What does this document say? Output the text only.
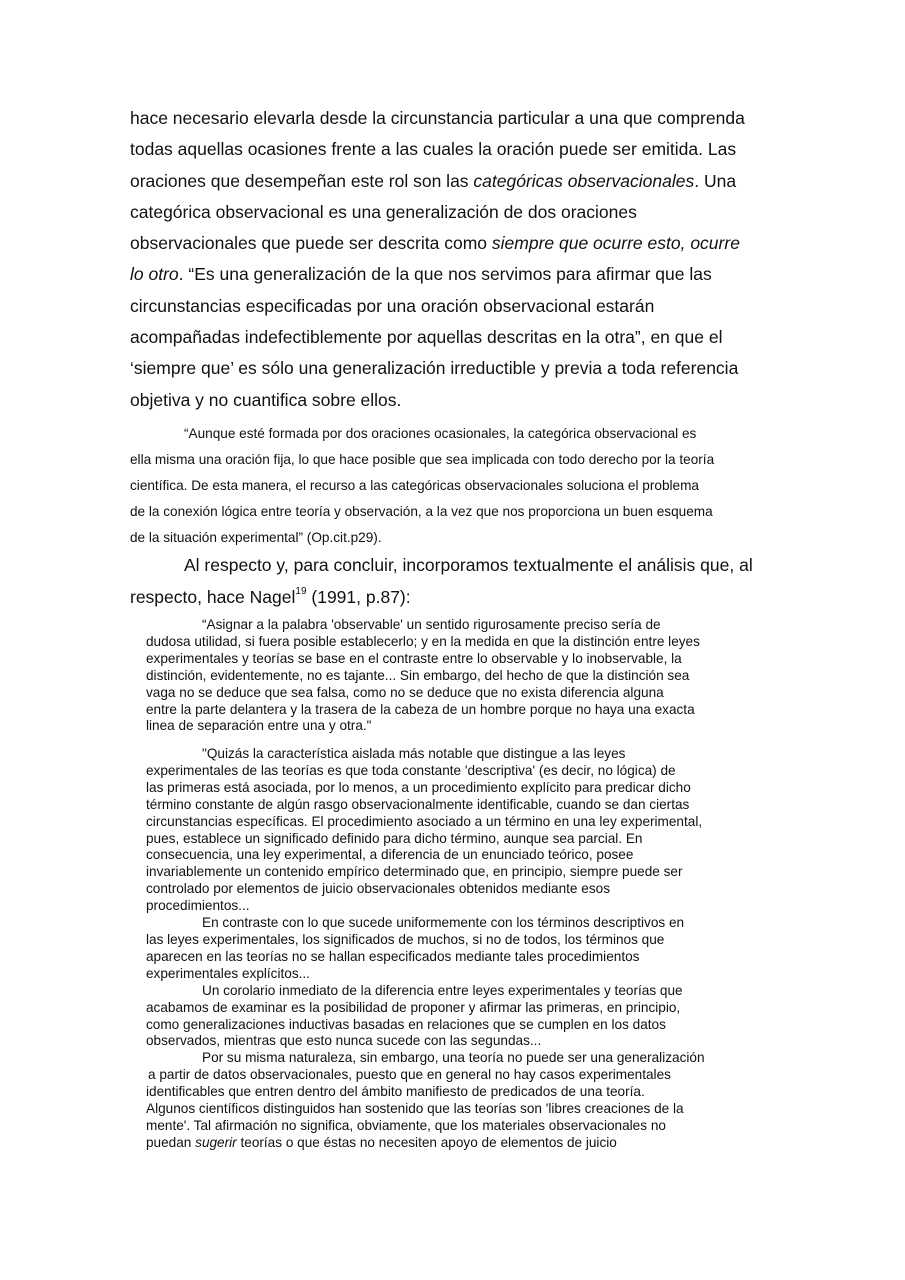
hace necesario elevarla desde la circunstancia particular a una que comprenda
todas aquellas ocasiones frente a las cuales la oración puede ser emitida. Las
oraciones que desempeñan este rol son las categóricas observacionales. Una
categórica observacional es una generalización de dos oraciones
observacionales que puede ser descrita como siempre que ocurre esto, ocurre
lo otro. “Es una generalización de la que nos servimos para afirmar que las
circunstancias especificadas por una oración observacional estarán
acompañadas indefectiblemente por aquellas descritas en la otra”, en que el
‘siempre que’ es sólo una generalización irreductible y previa a toda referencia
objetiva y no cuantifica sobre ellos.
“Aunque esté formada por dos oraciones ocasionales, la categórica observacional es
ella misma una oración fija, lo que hace posible que sea implicada con todo derecho por la teoría
científica. De esta manera, el recurso a las categóricas observacionales soluciona el problema
de la conexión lógica entre teoría y observación, a la vez que nos proporciona un buen esquema
de la situación experimental” (Op.cit.p29).
Al respecto y, para concluir, incorporamos textualmente el análisis que, al
respecto, hace Nagel$^{19}$ (1991, p.87):
“Asignar a la palabra 'observable' un sentido rigurosamente preciso sería de
dudosa utilidad, si fuera posible establecerlo; y en la medida en que la distinción entre leyes
experimentales y teorías se base en el contraste entre lo observable y lo inobservable, la
distinción, evidentemente, no es tajante... Sin embargo, del hecho de que la distinción sea
vaga no se deduce que sea falsa, como no se deduce que no exista diferencia alguna
entre la parte delantera y la trasera de la cabeza de un hombre porque no haya una exacta
linea de separación entre una y otra."
"Quizás la característica aislada más notable que distingue a las leyes
experimentales de las teorías es que toda constante 'descriptiva' (es decir, no lógica) de
las primeras está asociada, por lo menos, a un procedimiento explícito para predicar dicho
término constante de algún rasgo observacionalmente identificable, cuando se dan ciertas
circunstancias específicas. El procedimiento asociado a un término en una ley experimental,
pues, establece un significado definido para dicho término, aunque sea parcial. En
consecuencia, una ley experimental, a diferencia de un enunciado teórico, posee
invariablemente un contenido empírico determinado que, en principio, siempre puede ser
controlado por elementos de juicio observacionales obtenidos mediante esos
procedimientos...
En contraste con lo que sucede uniformemente con los términos descriptivos en
las leyes experimentales, los significados de muchos, si no de todos, los términos que
aparecen en las teorías no se hallan especificados mediante tales procedimientos
experimentales explícitos...
Un corolario inmediato de la diferencia entre leyes experimentales y teorías que
acabamos de examinar es la posibilidad de proponer y afirmar las primeras, en principio,
como generalizaciones inductivas basadas en relaciones que se cumplen en los datos
observados, mientras que esto nunca sucede con las segundas...
Por su misma naturaleza, sin embargo, una teoría no puede ser una generalización
a partir de datos observacionales, puesto que en general no hay casos experimentales
identificables que entren dentro del ámbito manifiesto de predicados de una teoría.
Algunos científicos distinguidos han sostenido que las teorías son 'libres creaciones de la
mente'. Tal afirmación no significa, obviamente, que los materiales observacionales no
puedan sugerir teorías o que éstas no necesiten apoyo de elementos de juicio
